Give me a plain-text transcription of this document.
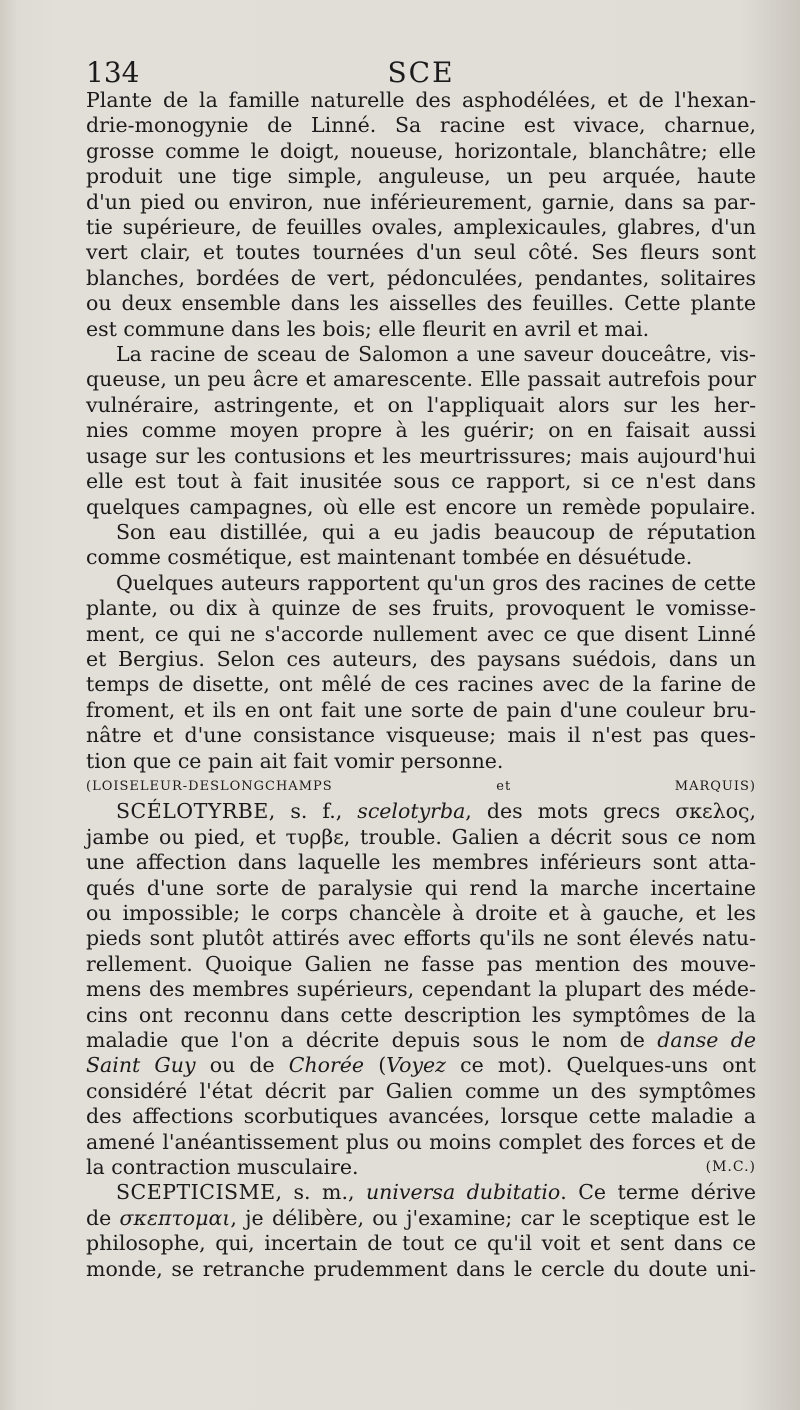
134	SCE

Plante de la famille naturelle des asphodélées, et de l'hexan-

drie-monogynie de Linné. Sa racine est vivace, charnue,

grosse comme le doigt, noueuse, horizontale, blanchâtre; elle

produit une tige simple, anguleuse, un peu arquée, haute

d'un pied ou environ, nue inférieurement, garnie, dans sa par-

tie supérieure, de feuilles ovales, amplexicaules, glabres, d'un

vert clair, et toutes tournées d'un seul côté. Ses fleurs sont

blanches, bordées de vert, pédonculées, pendantes, solitaires

ou deux ensemble dans les aisselles des feuilles. Cette plante

est commune dans les bois; elle fleurit en avril et mai.

La racine de sceau de Salomon a une saveur douceâtre, vis-

queuse, un peu âcre et amarescente. Elle passait autrefois pour

vulnéraire, astringente, et on l'appliquait alors sur les her-

nies comme moyen propre à les guérir; on en faisait aussi

usage sur les contusions et les meurtrissures; mais aujourd'hui

elle est tout à fait inusitée sous ce rapport, si ce n'est dans

quelques campagnes, où elle est encore un remède populaire.

Son eau distillée, qui a eu jadis beaucoup de réputation

comme cosmétique, est maintenant tombée en désuétude.

Quelques auteurs rapportent qu'un gros des racines de cette

plante, ou dix à quinze de ses fruits, provoquent le vomisse-

ment, ce qui ne s'accorde nullement avec ce que disent Linné

et Bergius. Selon ces auteurs, des paysans suédois, dans un

temps de disette, ont mêlé de ces racines avec de la farine de

froment, et ils en ont fait une sorte de pain d'une couleur bru-

nâtre et d'une consistance visqueuse; mais il n'est pas ques-

tion que ce pain ait fait vomir personne.

(LOISELEUR-DESLONGCHAMPS et MARQUIS)

SCÉLOTYRBE, s. f., scelotyrba, des mots grecs σκελος,

jambe ou pied, et τυρβε, trouble. Galien a décrit sous ce nom

une affection dans laquelle les membres inférieurs sont atta-

qués d'une sorte de paralysie qui rend la marche incertaine

ou impossible; le corps chancèle à droite et à gauche, et les

pieds sont plutôt attirés avec efforts qu'ils ne sont élevés natu-

rellement. Quoique Galien ne fasse pas mention des mouve-

mens des membres supérieurs, cependant la plupart des méde-

cins ont reconnu dans cette description les symptômes de la

maladie que l'on a décrite depuis sous le nom de danse de

Saint Guy ou de Chorée (Voyez ce mot). Quelques-uns ont

considéré l'état décrit par Galien comme un des symptômes

des affections scorbutiques avancées, lorsque cette maladie a

amené l'anéantissement plus ou moins complet des forces et de

la contraction musculaire.	(M.C.)

SCEPTICISME, s. m., universa dubitatio. Ce terme dérive

de σκεπτομαι, je délibère, ou j'examine; car le sceptique est le

philosophe, qui, incertain de tout ce qu'il voit et sent dans ce

monde, se retranche prudemment dans le cercle du doute uni-
